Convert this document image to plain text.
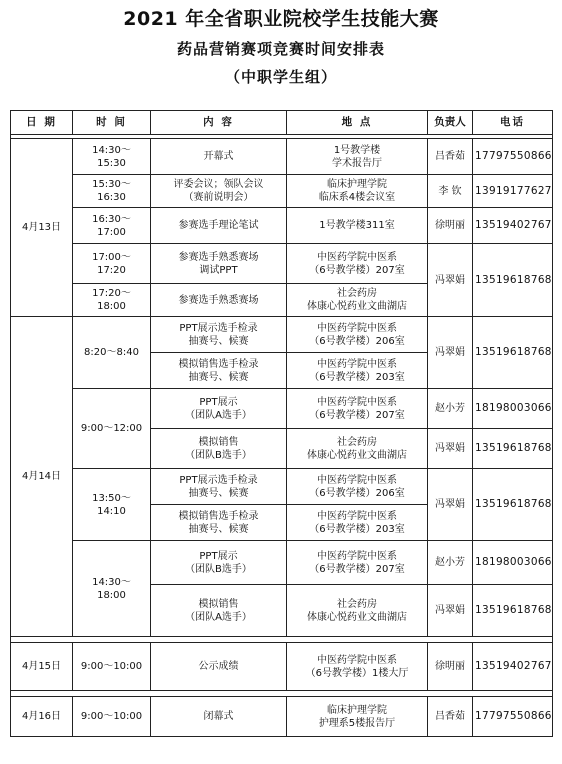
2021 年全省职业院校学生技能大赛
药品营销赛项竞赛时间安排表
（中职学生组）
日 期	时 间	内 容	地 点	负责人	电话

4月13日	14:30～
15:30	开幕式	1号教学楼
学术报告厅	吕香茹	17797550866

	15:30～
16:30	评委会议；领队会议
（赛前说明会）	临床护理学院
临床系4楼会议室	李 钦	13919177627

	16:30～
17:00	参赛选手理论笔试	1号教学楼311室	徐明丽	13519402767

	17:00～
17:20	参赛选手熟悉赛场
调试PPT	中医药学院中医系
（6号教学楼）207室	冯翠娟	13519618768

	17:20～
18:00	参赛选手熟悉赛场	社会药房
体康心悦药业文曲湖店		

4月14日	8:20～8:40	PPT展示选手检录
抽赛号、候赛	中医药学院中医系
（6号教学楼）206室	冯翠娟	13519618768

		模拟销售选手检录
抽赛号、候赛	中医药学院中医系
（6号教学楼）203室		

	9:00～12:00	PPT展示
（团队A选手）	中医药学院中医系
（6号教学楼）207室	赵小芳	18198003066

		模拟销售
（团队B选手）	社会药房
体康心悦药业文曲湖店	冯翠娟	13519618768

	13:50～
14:10	PPT展示选手检录
抽赛号、候赛	中医药学院中医系
（6号教学楼）206室	冯翠娟	13519618768

		模拟销售选手检录
抽赛号、候赛	中医药学院中医系
（6号教学楼）203室		

	14:30～
18:00	PPT展示
（团队B选手）	中医药学院中医系
（6号教学楼）207室	赵小芳	18198003066

		模拟销售
（团队A选手）	社会药房
体康心悦药业文曲湖店	冯翠娟	13519618768

4月15日	9:00～10:00	公示成绩	中医药学院中医系
（6号教学楼）1楼大厅	徐明丽	13519402767

4月16日	9:00～10:00	闭幕式	临床护理学院
护理系5楼报告厅	吕香茹	17797550866
